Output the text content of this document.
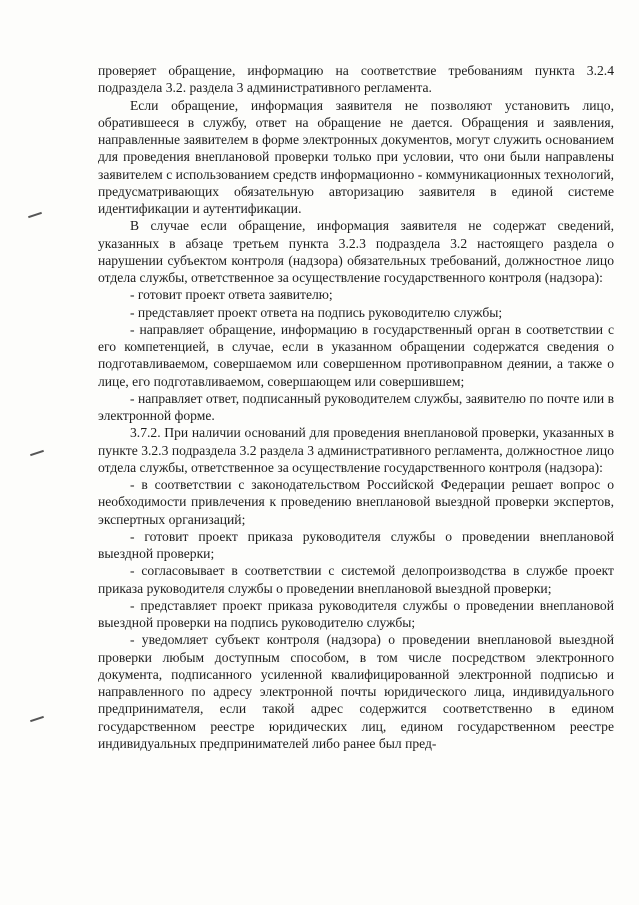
проверяет обращение, информацию на соответствие требованиям пункта 3.2.4 подраздела 3.2. раздела 3 административного регламента.

Если обращение, информация заявителя не позволяют установить лицо, обратившееся в службу, ответ на обращение не дается. Обращения и заявления, направленные заявителем в форме электронных документов, могут служить основанием для проведения внеплановой проверки только при условии, что они были направлены заявителем с использованием средств информационно - коммуникационных технологий, предусматривающих обязательную авторизацию заявителя в единой системе идентификации и аутентификации.

В случае если обращение, информация заявителя не содержат сведений, указанных в абзаце третьем пункта 3.2.3 подраздела 3.2 настоящего раздела о нарушении субъектом контроля (надзора) обязательных требований, должностное лицо отдела службы, ответственное за осуществление государственного контроля (надзора):

- готовит проект ответа заявителю;

- представляет проект ответа на подпись руководителю службы;

- направляет обращение, информацию в государственный орган в соответствии с его компетенцией, в случае, если в указанном обращении содержатся сведения о подготавливаемом, совершаемом или совершенном противоправном деянии, а также о лице, его подготавливаемом, совершающем или совершившем;

- направляет ответ, подписанный руководителем службы, заявителю по почте или в электронной форме.

3.7.2. При наличии оснований для проведения внеплановой проверки, указанных в пункте 3.2.3 подраздела 3.2 раздела 3 административного регламента, должностное лицо отдела службы, ответственное за осуществление государственного контроля (надзора):

- в соответствии с законодательством Российской Федерации решает вопрос о необходимости привлечения к проведению внеплановой выездной проверки экспертов, экспертных организаций;

- готовит проект приказа руководителя службы о проведении внеплановой выездной проверки;

- согласовывает в соответствии с системой делопроизводства в службе проект приказа руководителя службы о проведении внеплановой выездной проверки;

- представляет проект приказа руководителя службы о проведении внеплановой выездной проверки на подпись руководителю службы;

- уведомляет субъект контроля (надзора) о проведении внеплановой выездной проверки любым доступным способом, в том числе посредством электронного документа, подписанного усиленной квалифицированной электронной подписью и направленного по адресу электронной почты юридического лица, индивидуального предпринимателя, если такой адрес содержится соответственно в едином государственном реестре юридических лиц, едином государственном реестре индивидуальных предпринимателей либо ранее был пред-
